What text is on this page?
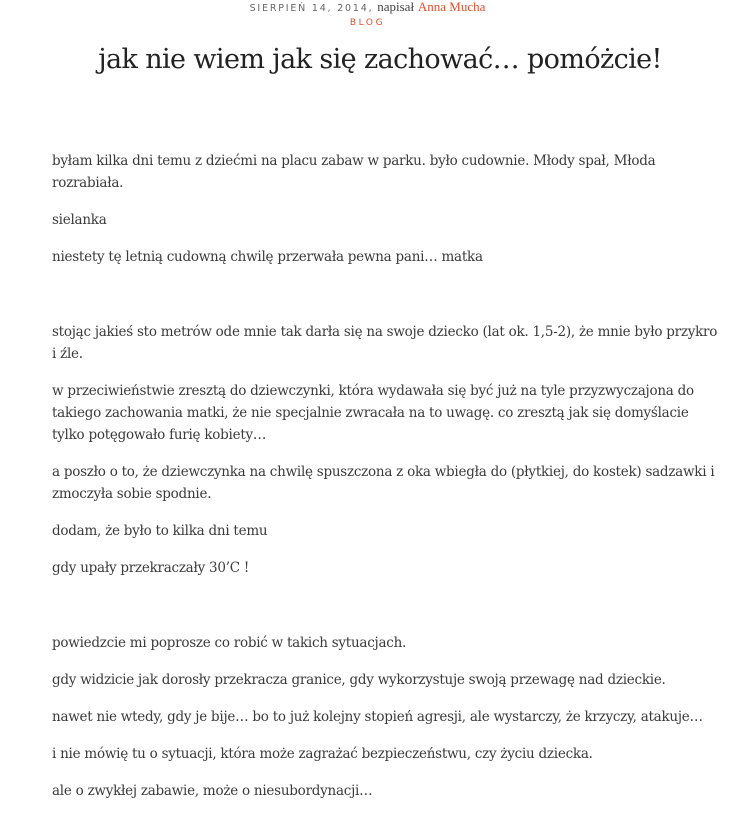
SIERPIEŃ 14, 2014, napisał Anna Mucha
BLOG
jak nie wiem jak się zachować… pomóżcie!

byłam kilka dni temu z dziećmi na placu zabaw w parku. było cudownie. Młody spał, Młoda rozrabiała.

sielanka

niestety tę letnią cudowną chwilę przerwała pewna pani… matka

stojąc jakieś sto metrów ode mnie tak darła się na swoje dziecko (lat ok. 1,5-2), że mnie było przykro i źle.

w przeciwieństwie zresztą do dziewczynki, która wydawała się być już na tyle przyzwyczajona do takiego zachowania matki, że nie specjalnie zwracała na to uwagę. co zresztą jak się domyślacie tylko potęgowało furię kobiety…

a poszło o to, że dziewczynka na chwilę spuszczona z oka wbiegła do (płytkiej, do kostek) sadzawki i zmoczyła sobie spodnie.

dodam, że było to kilka dni temu

gdy upały przekraczały 30’C !

powiedzcie mi poprosze co robić w takich sytuacjach.

gdy widzicie jak dorosły przekracza granice, gdy wykorzystuje swoją przewagę nad dzieckie.

nawet nie wtedy, gdy je bije… bo to już kolejny stopień agresji, ale wystarczy, że krzyczy, atakuje…

i nie mówię tu o sytuacji, która może zagrażać bezpieczeństwu, czy życiu dziecka.

ale o zwykłej zabawie, może o niesubordynacji…
